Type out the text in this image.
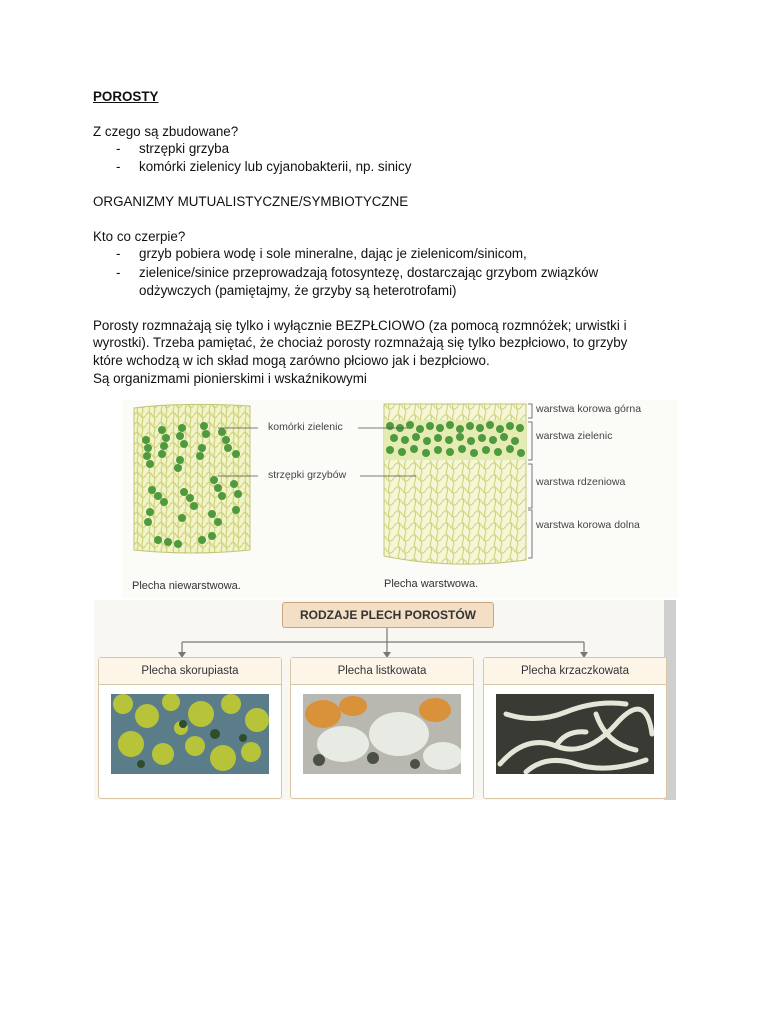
POROSTY
Z czego są zbudowane?
- strzępki grzyba
- komórki zielenicy lub cyjanobakterii, np. sinicy
ORGANIZMY MUTUALISTYCZNE/SYMBIOTYCZNE
Kto co czerpie?
- grzyb pobiera wodę i sole mineralne, dając je zielenicom/sinicom,
- zielenice/sinice przeprowadzają fotosyntezę, dostarczając grzybom związków
odżywczych (pamiętajmy, że grzyby są heterotrofami)
Porosty rozmnażają się tylko i wyłącznie BEZPŁCIOWO (za pomocą rozmnóżek; urwistki i
wyrostki). Trzeba pamiętać, że chociaż porosty rozmnażają się tylko bezpłciowo, to grzyby
które wchodzą w ich skład mogą zarówno płciowo jak i bezpłciowo.
Są organizmami pionierskimi i wskaźnikowymi
komórki zielenic
strzępki grzybów
warstwa korowa górna
warstwa zielenic
warstwa rdzeniowa
warstwa korowa dolna
Plecha niewarstwowa.	Plecha warstwowa.
RODZAJE PLECH POROSTÓW
Plecha skorupiasta	Plecha listkowata	Plecha krzaczkowata
